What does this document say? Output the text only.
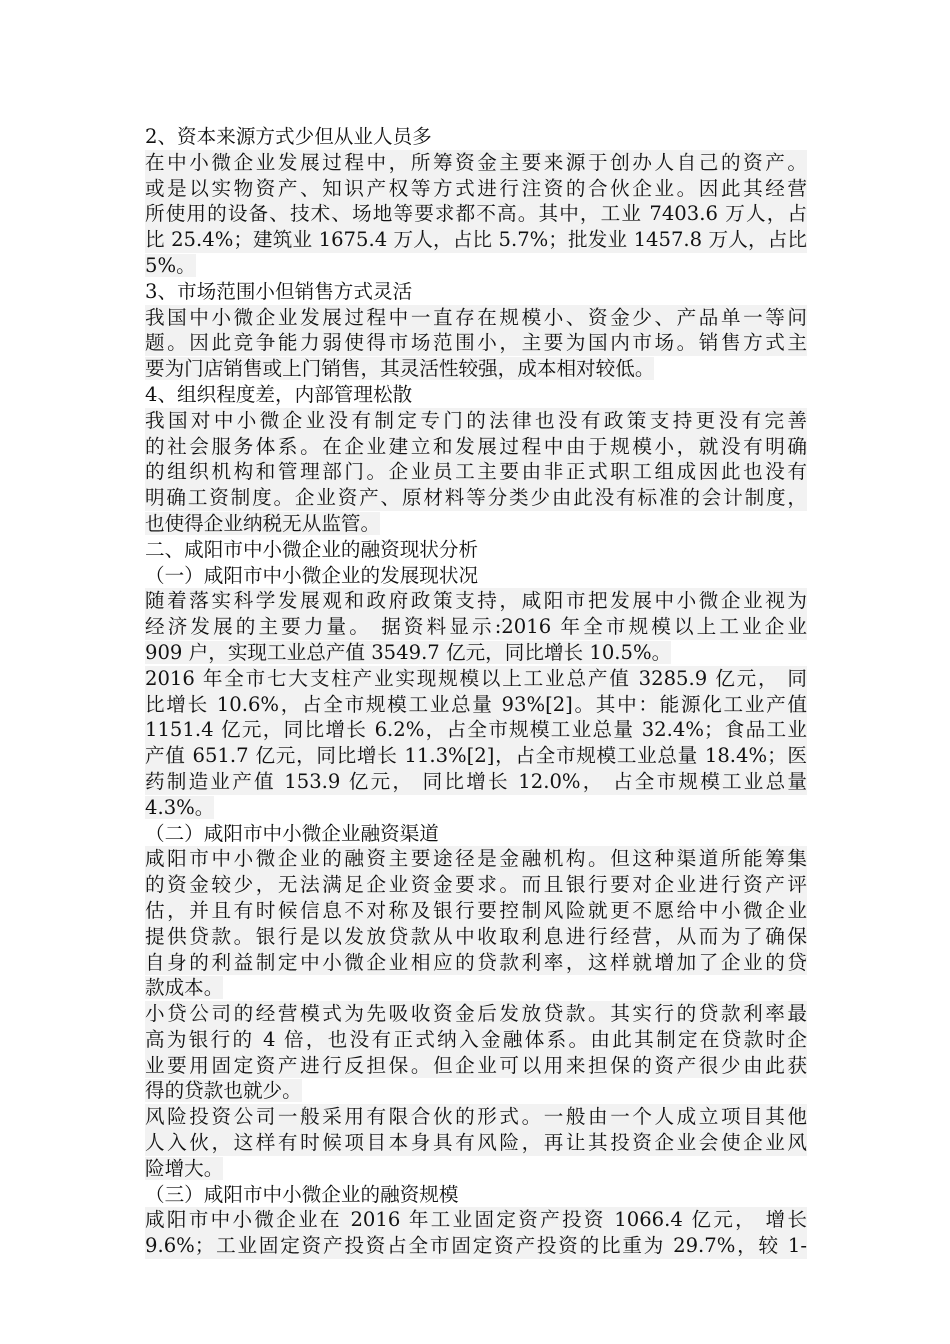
2、资本来源方式少但从业人员多
在中小微企业发展过程中，所筹资金主要来源于创办人自己的资产。
或是以实物资产、知识产权等方式进行注资的合伙企业。因此其经营
所使用的设备、技术、场地等要求都不高。其中，工业 7403.6 万人，占
比 25.4%；建筑业 1675.4 万人，占比 5.7%；批发业 1457.8 万人，占比
5%。
3、市场范围小但销售方式灵活
我国中小微企业发展过程中一直存在规模小、资金少、产品单一等问
题。因此竞争能力弱使得市场范围小，主要为国内市场。销售方式主
要为门店销售或上门销售，其灵活性较强，成本相对较低。
4、组织程度差，内部管理松散
我国对中小微企业没有制定专门的法律也没有政策支持更没有完善
的社会服务体系。在企业建立和发展过程中由于规模小，就没有明确
的组织机构和管理部门。企业员工主要由非正式职工组成因此也没有
明确工资制度。企业资产、原材料等分类少由此没有标准的会计制度，
也使得企业纳税无从监管。
二、咸阳市中小微企业的融资现状分析
（一）咸阳市中小微企业的发展现状况
随着落实科学发展观和政府政策支持，咸阳市把发展中小微企业视为
经济发展的主要力量。 据资料显示:2016 年全市规模以上工业企业
909 户，实现工业总产值 3549.7 亿元，同比增长 10.5%。
2016 年全市七大支柱产业实现规模以上工业总产值 3285.9 亿元， 同
比增长 10.6%，占全市规模工业总量 93%[2]。其中：能源化工业产值
1151.4 亿元，同比增长 6.2%，占全市规模工业总量 32.4%；食品工业
产值 651.7 亿元，同比增长 11.3%[2]，占全市规模工业总量 18.4%；医
药制造业产值 153.9 亿元， 同比增长 12.0%， 占全市规模工业总量
4.3%。
（二）咸阳市中小微企业融资渠道
咸阳市中小微企业的融资主要途径是金融机构。但这种渠道所能筹集
的资金较少，无法满足企业资金要求。而且银行要对企业进行资产评
估，并且有时候信息不对称及银行要控制风险就更不愿给中小微企业
提供贷款。银行是以发放贷款从中收取利息进行经营，从而为了确保
自身的利益制定中小微企业相应的贷款利率，这样就增加了企业的贷
款成本。
小贷公司的经营模式为先吸收资金后发放贷款。其实行的贷款利率最
高为银行的 4 倍，也没有正式纳入金融体系。由此其制定在贷款时企
业要用固定资产进行反担保。但企业可以用来担保的资产很少由此获
得的贷款也就少。
风险投资公司一般采用有限合伙的形式。一般由一个人成立项目其他
人入伙，这样有时候项目本身具有风险，再让其投资企业会使企业风
险增大。
（三）咸阳市中小微企业的融资规模
咸阳市中小微企业在 2016 年工业固定资产投资 1066.4 亿元， 增长
9.6%；工业固定资产投资占全市固定资产投资的比重为 29.7%，较 1-
